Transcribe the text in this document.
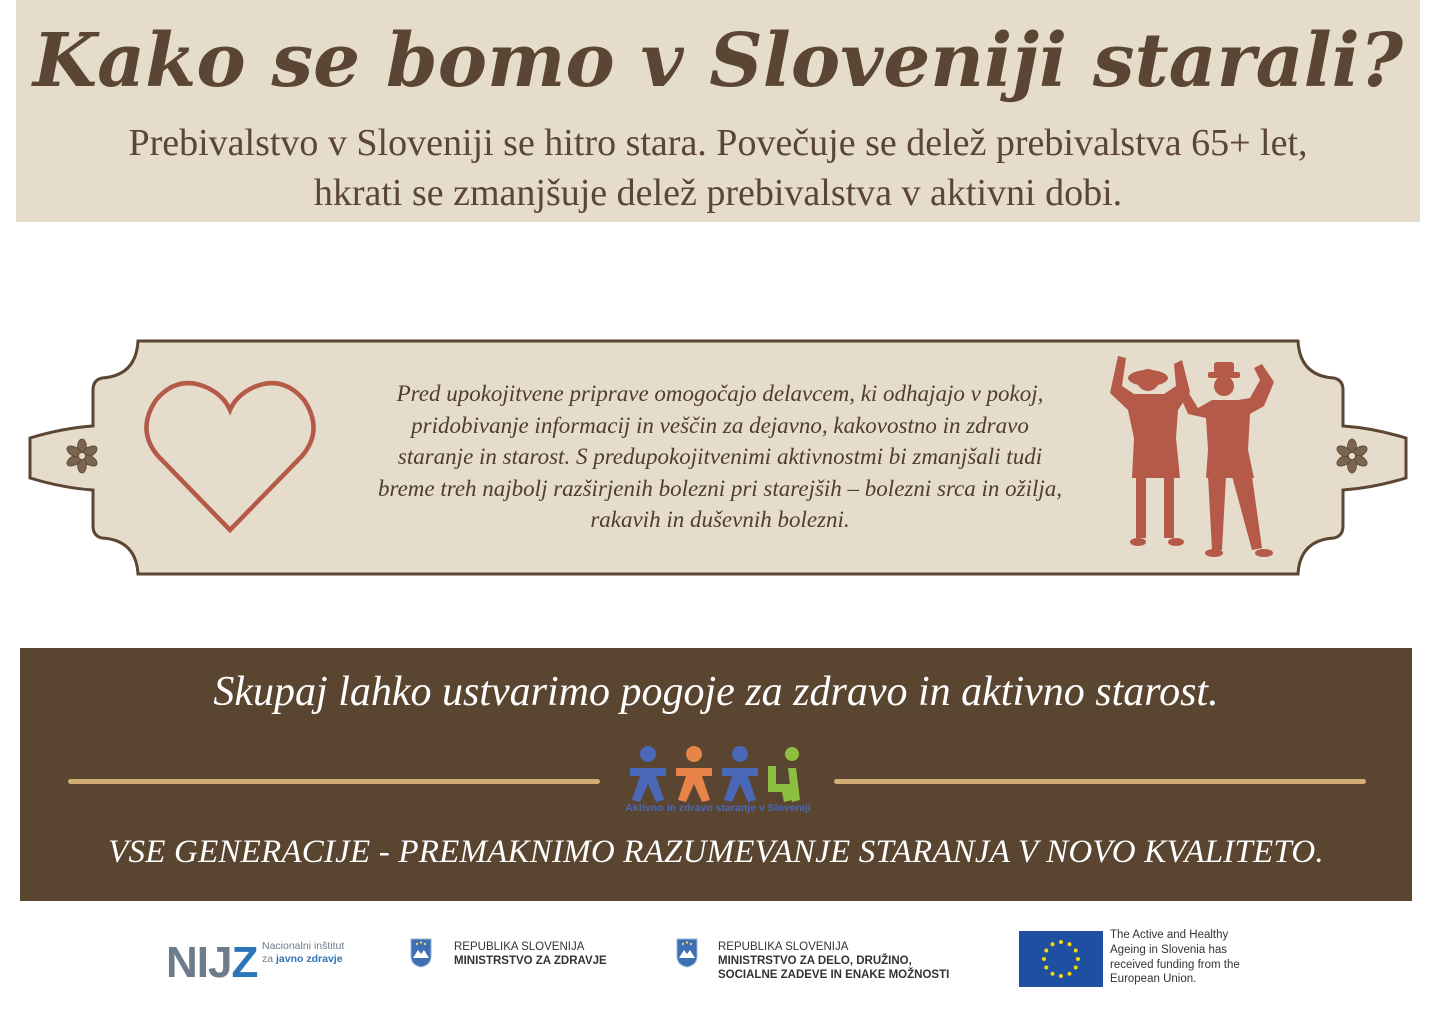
Kako se bomo v Sloveniji starali?
Prebivalstvo v Sloveniji se hitro stara. Povečuje se delež prebivalstva 65+ let,
hkrati se zmanjšuje delež prebivalstva v aktivni dobi.
Pred upokojitvene priprave omogočajo delavcem, ki odhajajo v pokoj,
pridobivanje informacij in veščin za dejavno, kakovostno in zdravo
staranje in starost. S predupokojitvenimi aktivnostmi bi zmanjšali tudi
breme treh najbolj razširjenih bolezni pri starejših – bolezni srca in ožilja,
rakavih in duševnih bolezni.
Skupaj lahko ustvarimo pogoje za zdravo in aktivno starost.
Aktivno in zdravo staranje v Sloveniji
VSE GENERACIJE - PREMAKNIMO RAZUMEVANJE STARANJA V NOVO KVALITETO.
NIJZ Nacionalni inštitut
za javno zdravje
REPUBLIKA SLOVENIJA
MINISTRSTVO ZA ZDRAVJE
REPUBLIKA SLOVENIJA
MINISTRSTVO ZA DELO, DRUŽINO,
SOCIALNE ZADEVE IN ENAKE MOŽNOSTI
The Active and Healthy
Ageing in Slovenia has
received funding from the
European Union.
